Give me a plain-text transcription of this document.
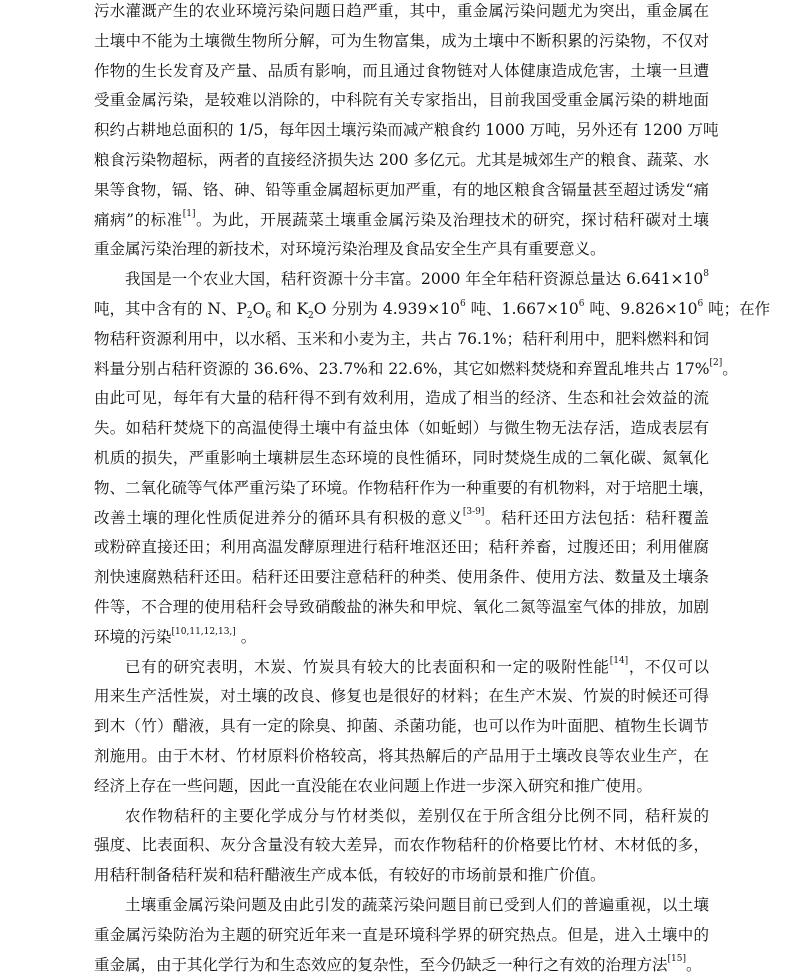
污水灌溉产生的农业环境污染问题日趋严重，其中，重金属污染问题尤为突出，重金属在
土壤中不能为土壤微生物所分解，可为生物富集，成为土壤中不断积累的污染物，不仅对
作物的生长发育及产量、品质有影响，而且通过食物链对人体健康造成危害，土壤一旦遭
受重金属污染，是较难以消除的，中科院有关专家指出，目前我国受重金属污染的耕地面
积约占耕地总面积的 1/5，每年因土壤污染而减产粮食约 1000 万吨，另外还有 1200 万吨
粮食污染物超标，两者的直接经济损失达 200 多亿元。尤其是城郊生产的粮食、蔬菜、水
果等食物，镉、铬、砷、铅等重金属超标更加严重，有的地区粮食含镉量甚至超过诱发“痛
痛病”的标准[1]。为此，开展蔬菜土壤重金属污染及治理技术的研究，探讨秸秆碳对土壤
重金属污染治理的新技术，对环境污染治理及食品安全生产具有重要意义。
我国是一个农业大国，秸秆资源十分丰富。2000 年全年秸秆资源总量达 $6.641\times 10^8$
吨，其中含有的 N、$P_2O_6$ 和 $K_2O$ 分别为 $4.939\times 10^6$ 吨、$1.667\times 10^6$ 吨、$9.826\times 10^6$ 吨；在作
物秸秆资源利用中，以水稻、玉米和小麦为主，共占 76.1%；秸秆利用中，肥料燃料和饲
料量分别占秸秆资源的 36.6%、23.7%和 22.6%，其它如燃料焚烧和弃置乱堆共占 17%[2]。
由此可见，每年有大量的秸秆得不到有效利用，造成了相当的经济、生态和社会效益的流
失。如秸秆焚烧下的高温使得土壤中有益虫体（如蚯蚓）与微生物无法存活，造成表层有
机质的损失，严重影响土壤耕层生态环境的良性循环，同时焚烧生成的二氧化碳、氮氧化
物、二氧化硫等气体严重污染了环境。作物秸秆作为一种重要的有机物料，对于培肥土壤，
改善土壤的理化性质促进养分的循环具有积极的意义[3-9]。秸秆还田方法包括：秸秆覆盖
或粉碎直接还田；利用高温发酵原理进行秸秆堆沤还田；秸秆养畜，过腹还田；利用催腐
剂快速腐熟秸秆还田。秸秆还田要注意秸秆的种类、使用条件、使用方法、数量及土壤条
件等，不合理的使用秸秆会导致硝酸盐的淋失和甲烷、氧化二氮等温室气体的排放，加剧
环境的污染[10,11,12,13,] 。
已有的研究表明，木炭、竹炭具有较大的比表面积和一定的吸附性能[14]，不仅可以
用来生产活性炭，对土壤的改良、修复也是很好的材料；在生产木炭、竹炭的时候还可得
到木（竹）醋液，具有一定的除臭、抑菌、杀菌功能，也可以作为叶面肥、植物生长调节
剂施用。由于木材、竹材原料价格较高，将其热解后的产品用于土壤改良等农业生产，在
经济上存在一些问题，因此一直没能在农业问题上作进一步深入研究和推广使用。
农作物秸秆的主要化学成分与竹材类似，差别仅在于所含组分比例不同，秸秆炭的
强度、比表面积、灰分含量没有较大差异，而农作物秸秆的价格要比竹材、木材低的多，
用秸秆制备秸秆炭和秸秆醋液生产成本低，有较好的市场前景和推广价值。
土壤重金属污染问题及由此引发的蔬菜污染问题目前已受到人们的普遍重视，以土壤
重金属污染防治为主题的研究近年来一直是环境科学界的研究热点。但是，进入土壤中的
重金属，由于其化学行为和生态效应的复杂性，至今仍缺乏一种行之有效的治理方法[15]。
